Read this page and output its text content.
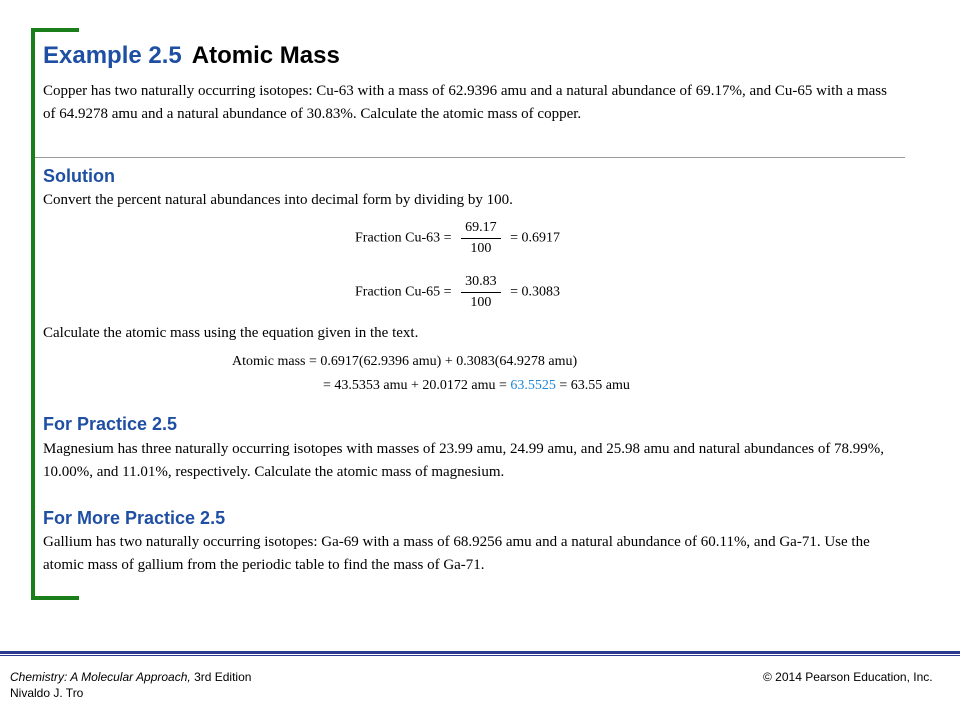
Example 2.5 Atomic Mass
Copper has two naturally occurring isotopes: Cu-63 with a mass of 62.9396 amu and a natural abundance of 69.17%, and Cu-65 with a mass of 64.9278 amu and a natural abundance of 30.83%. Calculate the atomic mass of copper.
Solution
Convert the percent natural abundances into decimal form by dividing by 100.
Fraction $Cu-63 = \frac{69.17}{100} = 0.6917$
Fraction $Cu-65 = \frac{30.83}{100} = 0.3083$
Calculate the atomic mass using the equation given in the text.
Atomic mass = 0.6917(62.9396 amu) + 0.3083(64.9278 amu)
= 43.5353 amu + 20.0172 amu = 63.5525 = 63.55 amu
For Practice 2.5
Magnesium has three naturally occurring isotopes with masses of 23.99 amu, 24.99 amu, and 25.98 amu and natural abundances of 78.99%, 10.00%, and 11.01%, respectively. Calculate the atomic mass of magnesium.
For More Practice 2.5
Gallium has two naturally occurring isotopes: Ga-69 with a mass of 68.9256 amu and a natural abundance of 60.11%, and Ga-71. Use the atomic mass of gallium from the periodic table to find the mass of Ga-71.
Chemistry: A Molecular Approach, 3rd Edition
Nivaldo J. Tro
© 2014 Pearson Education, Inc.
